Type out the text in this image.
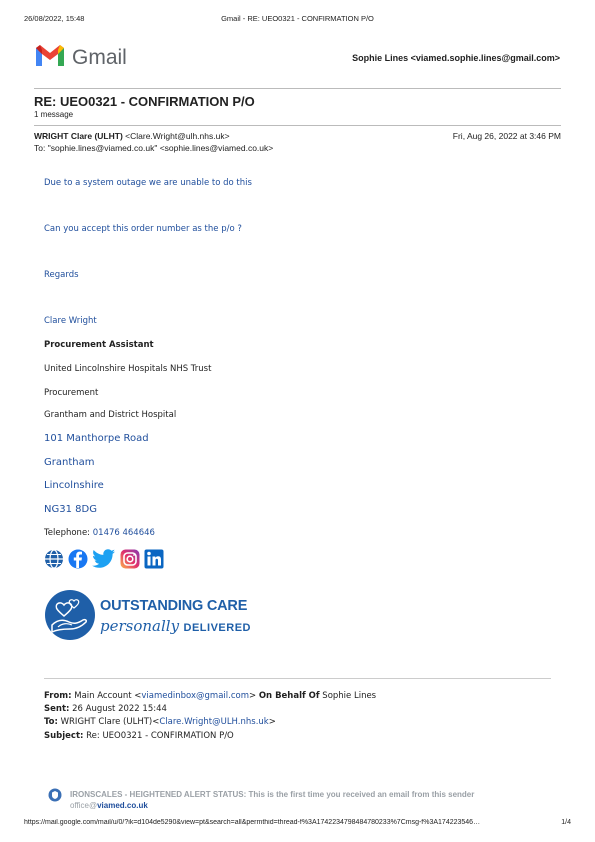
26/08/2022, 15:48	Gmail - RE: UEO0321 - CONFIRMATION P/O
Gmail	Sophie Lines <viamed.sophie.lines@gmail.com>
RE: UEO0321 - CONFIRMATION P/O
1 message
WRIGHT Clare (ULHT) <Clare.Wright@ulh.nhs.uk>	Fri, Aug 26, 2022 at 3:46 PM
To: "sophie.lines@viamed.co.uk" <sophie.lines@viamed.co.uk>
Due to a system outage we are unable to do this
Can you accept this order number as the p/o ?
Regards
Clare Wright
Procurement Assistant
United Lincolnshire Hospitals NHS Trust
Procurement
Grantham and District Hospital
101 Manthorpe Road
Grantham
Lincolnshire
NG31 8DG
Telephone: 01476 464646
OUTSTANDING CARE
personally DELIVERED
From: Main Account <viamedinbox@gmail.com> On Behalf Of Sophie Lines
Sent: 26 August 2022 15:44
To: WRIGHT Clare (ULHT)<Clare.Wright@ULH.nhs.uk>
Subject: Re: UEO0321 - CONFIRMATION P/O
IRONSCALES - HEIGHTENED ALERT STATUS: This is the first time you received an email from this sender
office@viamed.co.uk
https://mail.google.com/mail/u/0/?ik=d104de5290&view=pt&search=all&permthid=thread-f%3A1742234798484780233%7Cmsg-f%3A174223546…	1/4
